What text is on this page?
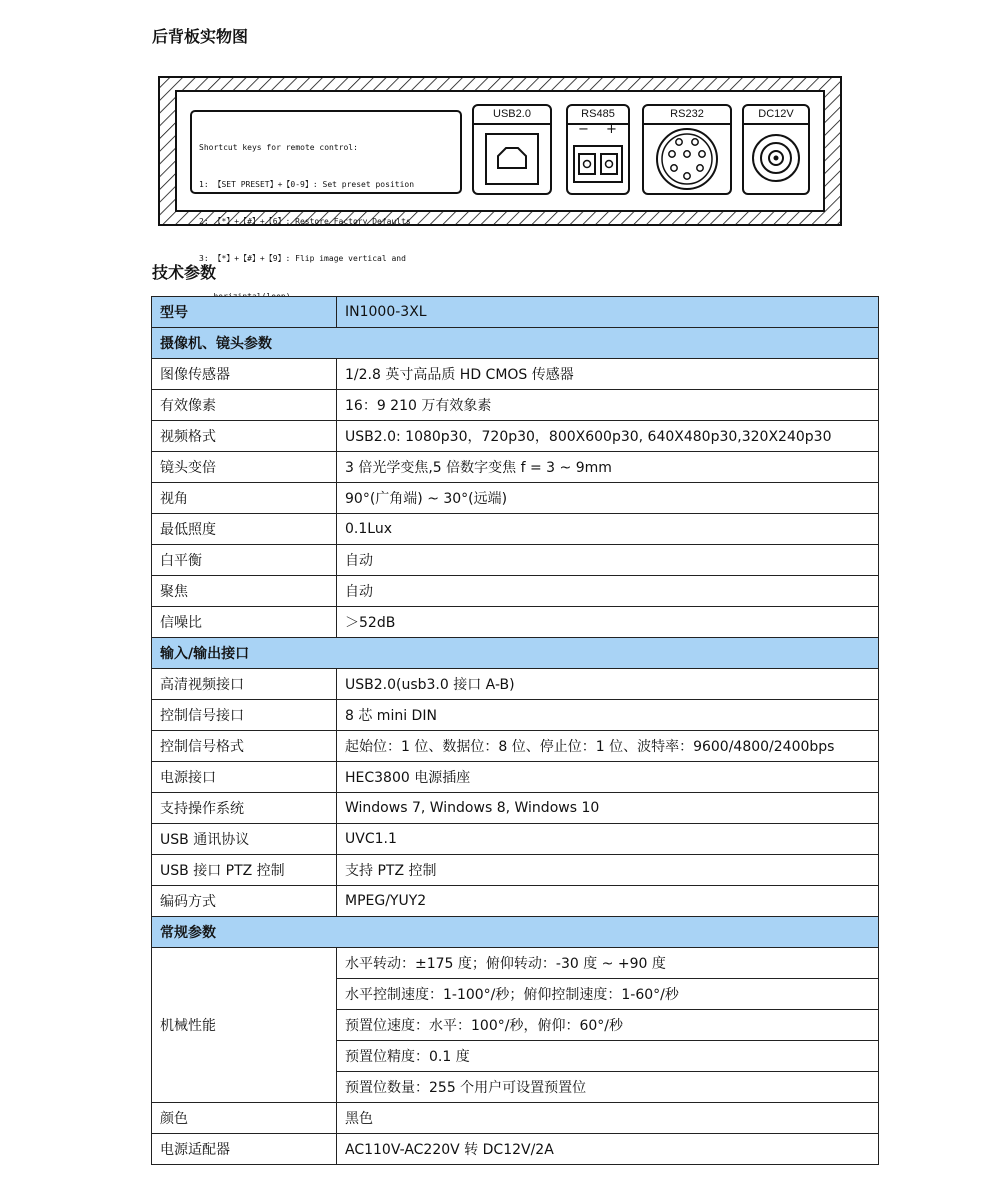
后背板实物图

Shortcut keys for remote control:

1: 【SET PRESET】+【0-9】: Set preset position

2: 【*】+【#】+【6】: Restore Factory Defaults

3: 【*】+【#】+【9】: Flip image vertical and

USB2.0	RS485
− +
RS232	DC12V
技术参数
型号	IN1000-3XL
摄像机、镜头参数	
图像传感器	1/2.8 英寸高品质 HD CMOS 传感器
有效像素	16：9 210 万有效象素
视频格式	USB2.0: 1080p30，720p30，800X600p30, 640X480p30,320X240p30
镜头变倍	3 倍光学变焦,5 倍数字变焦 f = 3 ~ 9mm
视角	90°(广角端) ~ 30°(远端)
最低照度	0.1Lux
白平衡	自动
聚焦	自动
信噪比	＞52dB
输入/输出接口	
高清视频接口	USB2.0(usb3.0 接口 A-B)
控制信号接口	8 芯 mini DIN
控制信号格式	起始位：1 位、数据位：8 位、停止位：1 位、波特率：9600/4800/2400bps
电源接口	HEC3800 电源插座
支持操作系统	Windows 7, Windows 8, Windows 10
USB 通讯协议	UVC1.1
USB 接口 PTZ 控制	支持 PTZ 控制
编码方式	MPEG/YUY2
常规参数	
机械性能	水平转动：±175 度；俯仰转动：-30 度 ~ +90 度
	水平控制速度：1-100°/秒；俯仰控制速度：1-60°/秒
	预置位速度：水平：100°/秒，俯仰：60°/秒
	预置位精度：0.1 度
	预置位数量：255 个用户可设置预置位
颜色	黑色
电源适配器	AC110V-AC220V 转 DC12V/2A
